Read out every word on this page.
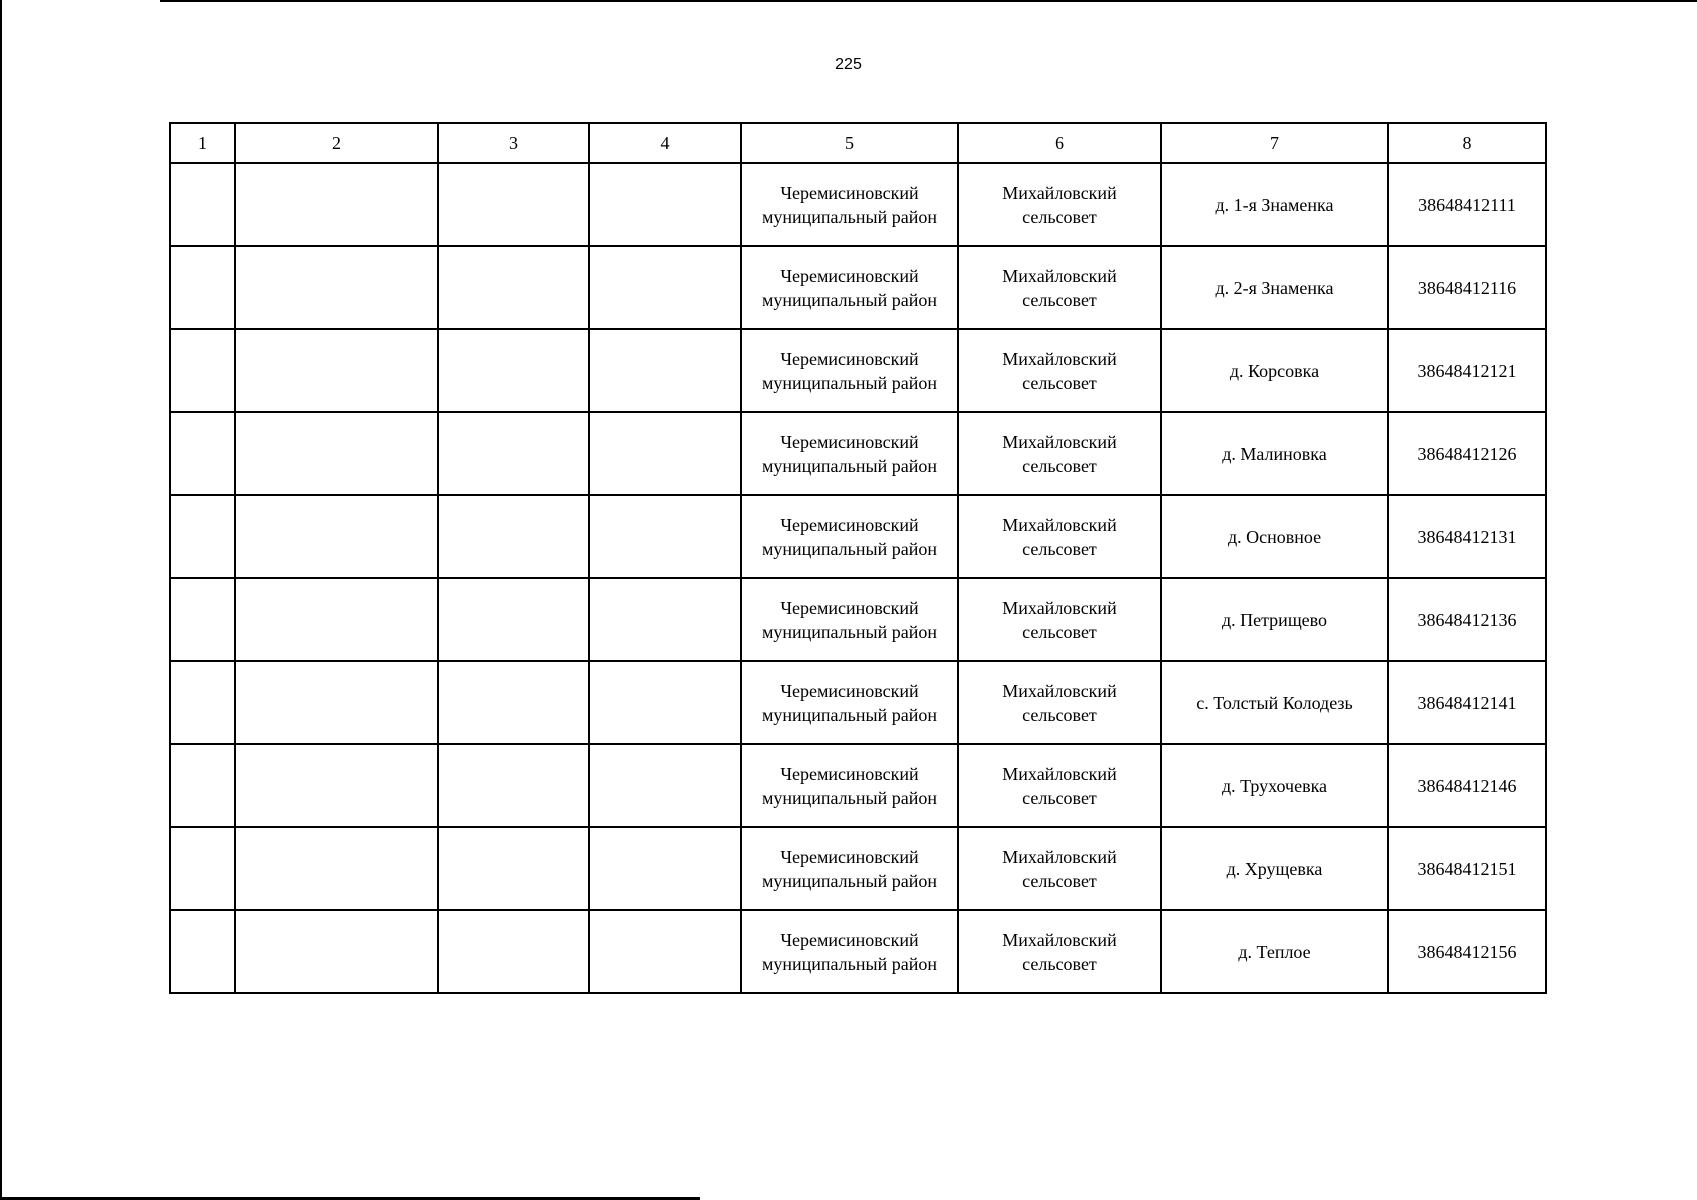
225
1	2	3	4	5	6	7	8
				Черемисиновский
муниципальный район	Михайловский
сельсовет	д. 1-я Знаменка	38648412111
				Черемисиновский
муниципальный район	Михайловский
сельсовет	д. 2-я Знаменка	38648412116
				Черемисиновский
муниципальный район	Михайловский
сельсовет	д. Корсовка	38648412121
				Черемисиновский
муниципальный район	Михайловский
сельсовет	д. Малиновка	38648412126
				Черемисиновский
муниципальный район	Михайловский
сельсовет	д. Основное	38648412131
				Черемисиновский
муниципальный район	Михайловский
сельсовет	д. Петрищево	38648412136
				Черемисиновский
муниципальный район	Михайловский
сельсовет	с. Толстый Колодезь	38648412141
				Черемисиновский
муниципальный район	Михайловский
сельсовет	д. Трухочевка	38648412146
				Черемисиновский
муниципальный район	Михайловский
сельсовет	д. Хрущевка	38648412151
				Черемисиновский
муниципальный район	Михайловский
сельсовет	д. Теплое	38648412156
